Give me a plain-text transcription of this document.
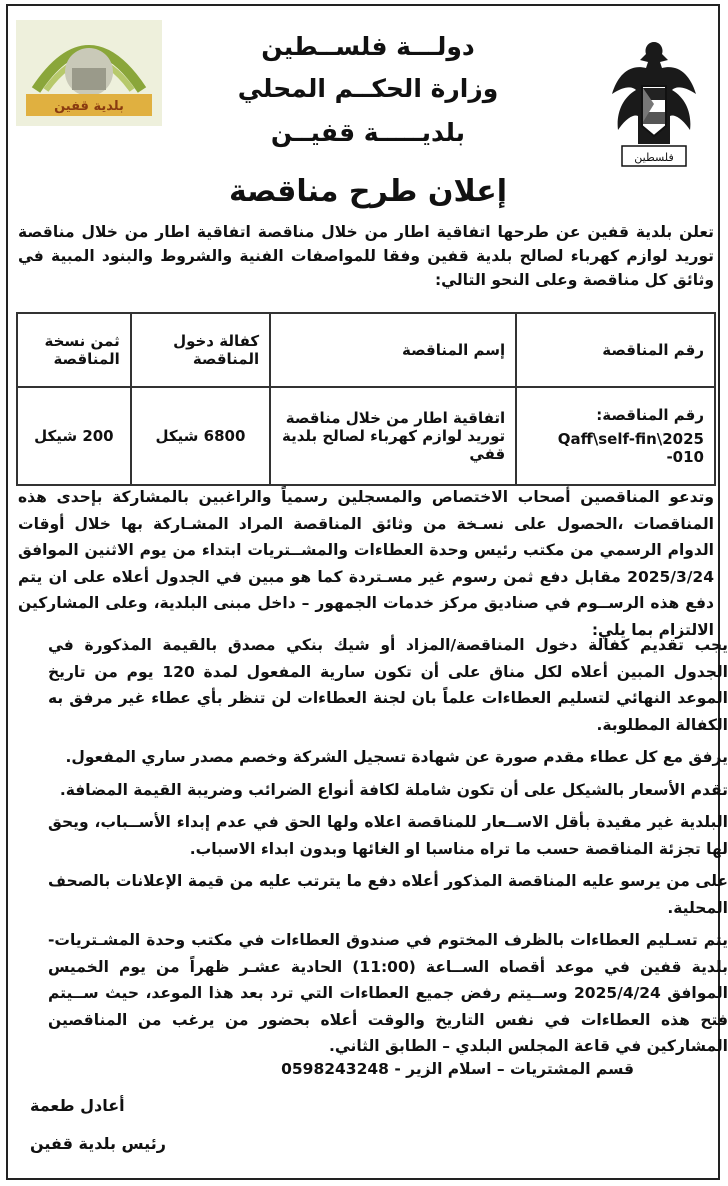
بلدية قفين
فلسطين
دولـــة فلســطين
وزارة الحكــم المحلي
بلديـــــة قفيــن
إعلان طرح مناقصة
تعلن بلدية قفين عن طرحها اتفاقية اطار من خلال مناقصة اتفاقية اطار من خلال مناقصة توريد لوازم كهرباء لصالح بلدية قفين وفقا للمواصفات الفنية والشروط والبنود المبية في وثائق كل مناقصة وعلى النحو التالي:
رقم المناقصة	إسم المناقصة	كفالة دخول المناقصة	ثمن نسخة المناقصة

رقم المناقصة:
Qaff\self-fin\2025 -010	اتفاقية اطار من خلال مناقصة توريد لوازم كهرباء لصالح بلدية قفي	6800 شيكل	200 شيكل
وتدعو المناقصين أصحاب الاختصاص والمسجلين رسمياً والراغبين بالمشاركة بإحدى هذه المناقصات ،الحصول على نسـخة من وثائق المناقصة المراد المشـاركة بها خلال أوقات الدوام الرسمي من مكتب رئيس وحدة العطاءات والمشــتريات ابتداء من يوم الاثنين الموافق 2025/3/24 مقابل دفع ثمن رسوم غير مسـتردة كما هو مبين في الجدول أعلاه على ان يتم دفع هذه الرســوم في صناديق مركز خدمات الجمهور – داخل مبنى البلدية، وعلى المشاركين الالتزام بما يلي:
● يجب تقديم كفالة دخول المناقصة/المزاد أو شيك بنكي مصدق بالقيمة المذكورة في الجدول المبين أعلاه لكل مناق على أن تكون سارية المفعول لمدة 120 يوم من تاريخ الموعد النهائي لتسليم العطاءات علماً بان لجنة العطاءات لن تنظر بأي عطاء غير مرفق به الكفالة المطلوبة.
● يرفق مع كل عطاء مقدم صورة عن شهادة تسجيل الشركة وخصم مصدر ساري المفعول.
● تقدم الأسعار بالشيكل على أن تكون شاملة لكافة أنواع الضرائب وضريبة القيمة المضافة.
● البلدية غير مقيدة بأقل الاســعار للمناقصة اعلاه ولها الحق في عدم إبداء الأســباب، ويحق لها تجزئة المناقصة حسب ما تراه مناسبا او الغائها وبدون ابداء الاسباب.
● على من يرسو عليه المناقصة المذكور أعلاه دفع ما يترتب عليه من قيمة الإعلانات بالصحف المحلية.
● يتم تسـليم العطاءات بالظرف المختوم في صندوق العطاءات في مكتب وحدة المشـتريات- بلدية قفين في موعد أقصاه الســاعة (11:00) الحادية عشـر ظهراً من يوم الخميس الموافق 2025/4/24 وســيتم رفض جميع العطاءات التي ترد بعد هذا الموعد، حيث ســيتم فتح هذه العطاءات في نفس التاريخ والوقت أعلاه بحضور من يرغب من المناقصين المشاركين في قاعة المجلس البلدي – الطابق الثاني.
قسم المشتريات – اسلام الزير - 0598243248
أعادل طعمة
رئيس بلدية قفين
